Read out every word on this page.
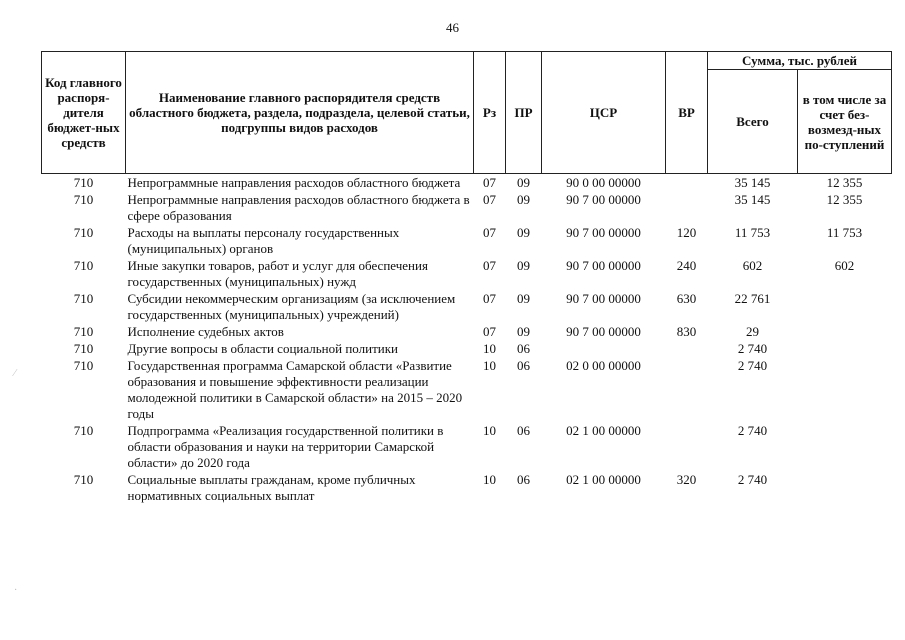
46
Код главного распоря-дителя бюджет-ных средств	Наименование главного распорядителя средств областного бюджета, раздела, подраздела, целевой статьи, подгруппы видов расходов	Рз	ПР	ЦСР	ВР	Сумма, тыс. рублей	
						Всего	в том числе за счет без-возмезд-ных по-ступлений
710	Непрограммные направления расходов областного бюджета	07	09	90 0 00 00000		35 145	12 355
710	Непрограммные направления расходов областного бюджета в сфере образования	07	09	90 7 00 00000		35 145	12 355
710	Расходы на выплаты персоналу государственных (муниципальных) органов	07	09	90 7 00 00000	120	11 753	11 753
710	Иные закупки товаров, работ и услуг для обеспечения государственных (муниципальных) нужд	07	09	90 7 00 00000	240	602	602
710	Субсидии некоммерческим организациям (за исключением государственных (муниципальных) учреждений)	07	09	90 7 00 00000	630	22 761	
710	Исполнение судебных актов	07	09	90 7 00 00000	830	29	
710	Другие вопросы в области социальной политики	10	06			2 740	
710	Государственная программа Самарской области «Развитие образования и повышение эффективности реализации молодежной политики в Самарской области» на 2015 – 2020 годы	10	06	02 0 00 00000		2 740	
710	Подпрограмма «Реализация государственной политики в области образования и науки на территории Самарской области» до 2020 года	10	06	02 1 00 00000		2 740	
710	Социальные выплаты гражданам, кроме публичных нормативных социальных выплат	10	06	02 1 00 00000	320	2 740	
⁄
·
